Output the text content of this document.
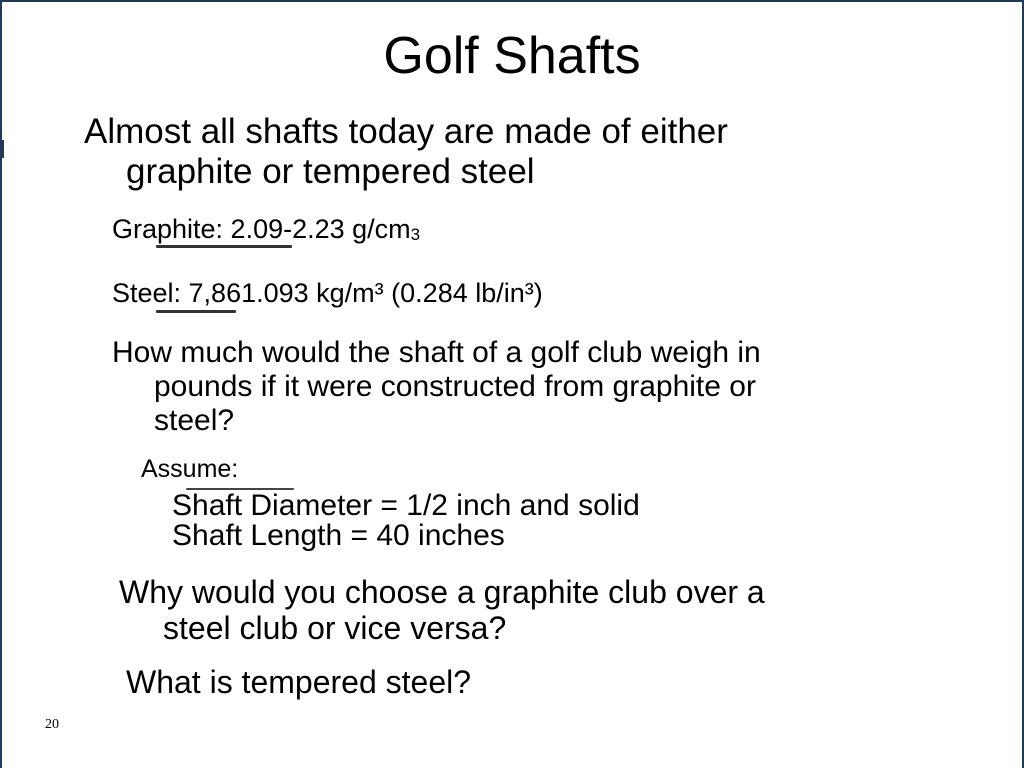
Golf Shafts
Almost all shafts today are made of either
graphite or tempered steel
Graphite: 2.09-2.23 $g/cm_3$
Steel: 7,861.093 kg/m³ (0.284 lb/in³)
How much would the shaft of a golf club weigh in
pounds if it were constructed from graphite or
steel?
Assume:
Shaft Diameter = 1/2 inch and solid
Shaft Length = 40 inches
Why would you choose a graphite club over a
steel club or vice versa?
What is tempered steel?
20
